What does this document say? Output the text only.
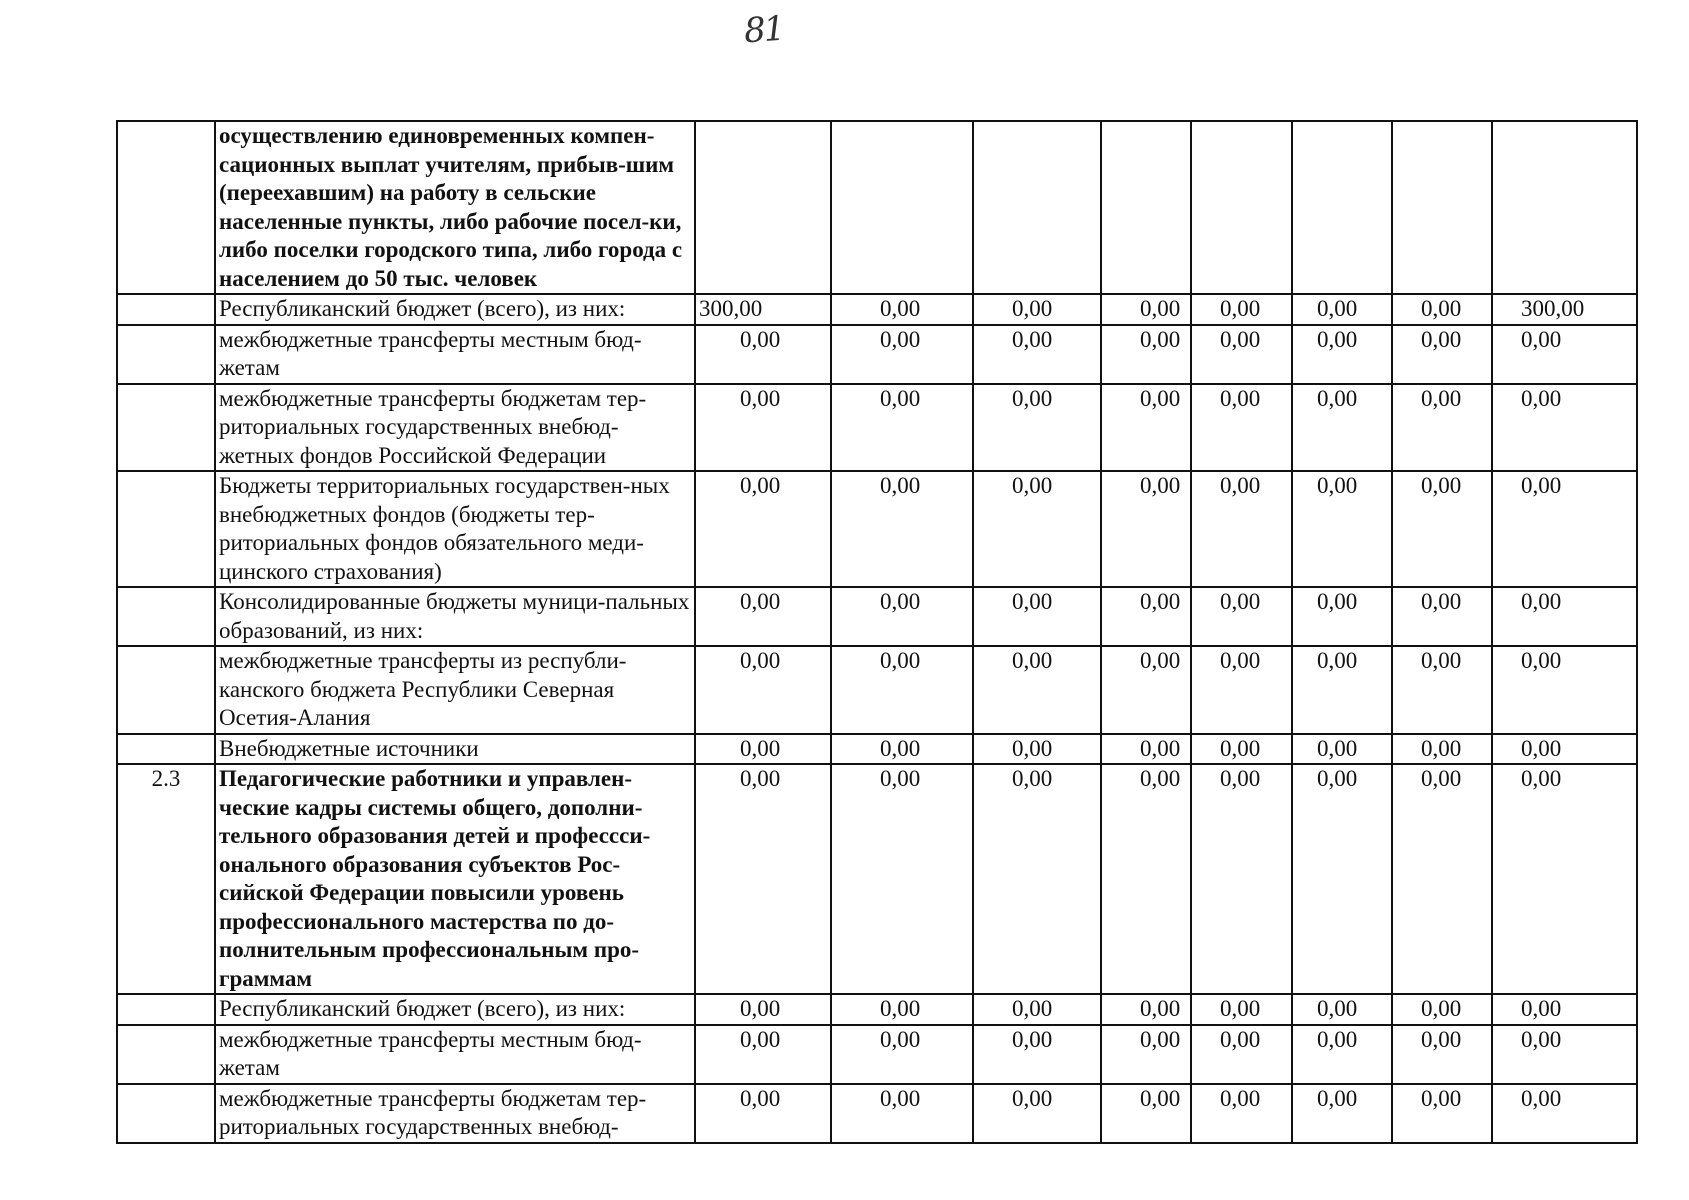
81
	осуществлению единовременных компен-сационных выплат учителям, прибыв-шим (переехавшим) на работу в сельские населенные пункты, либо рабочие посел-ки, либо поселки городского типа, либо города с населением до 50 тыс. человек								
	Республиканский бюджет (всего), из них:	300,00	0,00	0,00	0,00	0,00	0,00	0,00	300,00
	межбюджетные трансферты местным бюд-жетам	0,00	0,00	0,00	0,00	0,00	0,00	0,00	0,00
	межбюджетные трансферты бюджетам тер-риториальных государственных внебюд-жетных фондов Российской Федерации	0,00	0,00	0,00	0,00	0,00	0,00	0,00	0,00
	Бюджеты территориальных государствен-ных внебюджетных фондов (бюджеты тер-риториальных фондов обязательного меди-цинского страхования)	0,00	0,00	0,00	0,00	0,00	0,00	0,00	0,00
	Консолидированные бюджеты муници-пальных образований, из них:	0,00	0,00	0,00	0,00	0,00	0,00	0,00	0,00
	межбюджетные трансферты из республи-канского бюджета Республики Северная Осетия-Алания	0,00	0,00	0,00	0,00	0,00	0,00	0,00	0,00
	Внебюджетные источники	0,00	0,00	0,00	0,00	0,00	0,00	0,00	0,00
2.3	Педагогические работники и управлен-ческие кадры системы общего, дополни-тельного образования детей и профессси-онального образования субъектов Рос-сийской Федерации повысили уровень профессионального мастерства по до-полнительным профессиональным про-граммам	0,00	0,00	0,00	0,00	0,00	0,00	0,00	0,00
	Республиканский бюджет (всего), из них:	0,00	0,00	0,00	0,00	0,00	0,00	0,00	0,00
	межбюджетные трансферты местным бюд-жетам	0,00	0,00	0,00	0,00	0,00	0,00	0,00	0,00
	межбюджетные трансферты бюджетам тер-риториальных государственных внебюд-	0,00	0,00	0,00	0,00	0,00	0,00	0,00	0,00
